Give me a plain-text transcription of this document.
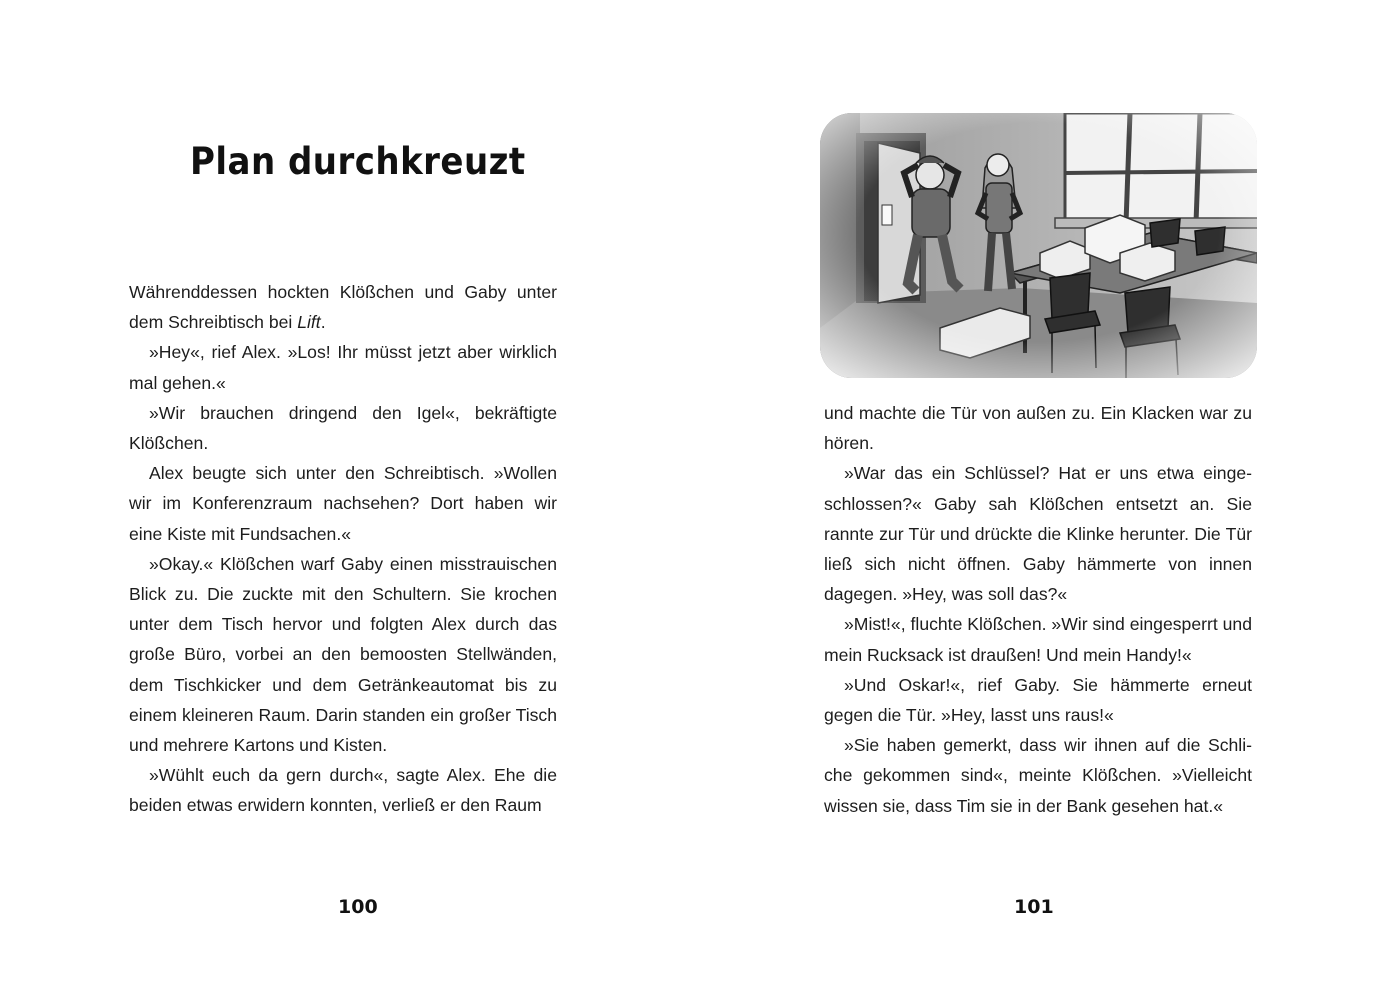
Plan durchkreuzt

Währenddessen hockten Klößchen und Gaby unter dem Schreibtisch bei Lift.

»Hey«, rief Alex. »Los! Ihr müsst jetzt aber wirklich mal gehen.«

»Wir brauchen dringend den Igel«, bekräftigte Klößchen.

Alex beugte sich unter den Schreibtisch. »Wollen wir im Konferenzraum nachsehen? Dort haben wir eine Kiste mit Fundsachen.«

»Okay.« Klößchen warf Gaby einen misstrauischen Blick zu. Die zuckte mit den Schultern. Sie krochen unter dem Tisch hervor und folgten Alex durch das große Büro, vorbei an den bemoosten Stellwänden, dem Tischkicker und dem Getränkeautomat bis zu einem kleineren Raum. Darin standen ein großer Tisch und mehrere Kartons und Kisten.

»Wühlt euch da gern durch«, sagte Alex. Ehe die beiden etwas erwidern konnten, verließ er den Raum

100

und machte die Tür von außen zu. Ein Klacken war zu hören.

»War das ein Schlüssel? Hat er uns etwa einge-schlossen?« Gaby sah Klößchen entsetzt an. Sie rannte zur Tür und drückte die Klinke herunter. Die Tür ließ sich nicht öffnen. Gaby hämmerte von innen dagegen. »Hey, was soll das?«

»Mist!«, fluchte Klößchen. »Wir sind eingesperrt und mein Rucksack ist draußen! Und mein Handy!«

»Und Oskar!«, rief Gaby. Sie hämmerte erneut gegen die Tür. »Hey, lasst uns raus!«

»Sie haben gemerkt, dass wir ihnen auf die Schli-che gekommen sind«, meinte Klößchen. »Vielleicht wissen sie, dass Tim sie in der Bank gesehen hat.«

101
